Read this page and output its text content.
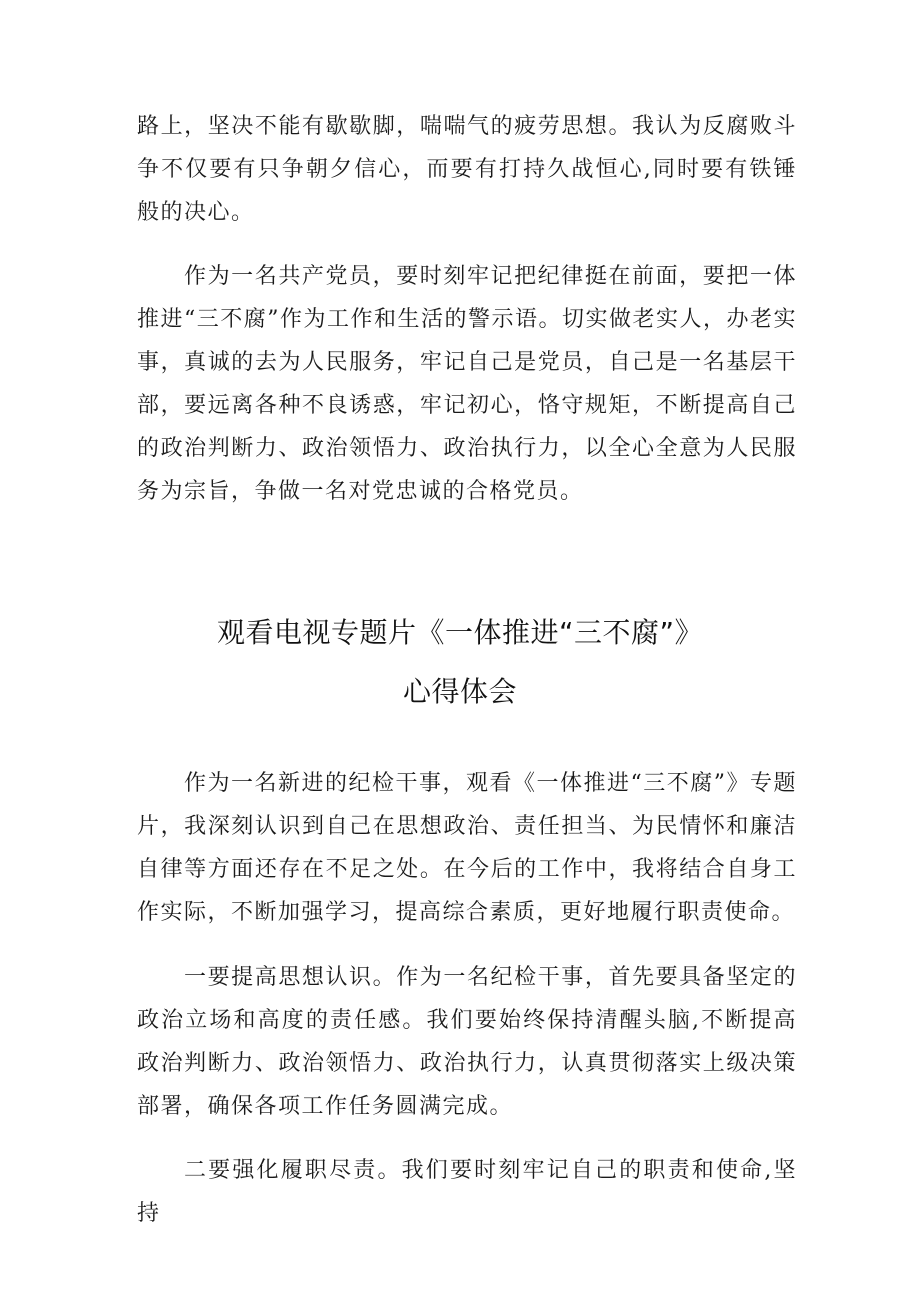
路上，坚决不能有歇歇脚，喘喘气的疲劳思想。我认为反腐败斗争不仅要有只争朝夕信心，而要有打持久战恒心,同时要有铁锤般的决心。

作为一名共产党员，要时刻牢记把纪律挺在前面，要把一体推进“三不腐”作为工作和生活的警示语。切实做老实人，办老实事，真诚的去为人民服务，牢记自己是党员，自己是一名基层干部，要远离各种不良诱惑，牢记初心，恪守规矩，不断提高自己的政治判断力、政治领悟力、政治执行力，以全心全意为人民服务为宗旨，争做一名对党忠诚的合格党员。

观看电视专题片《一体推进“三不腐”》
心得体会

作为一名新进的纪检干事，观看《一体推进“三不腐”》专题片，我深刻认识到自己在思想政治、责任担当、为民情怀和廉洁自律等方面还存在不足之处。在今后的工作中，我将结合自身工作实际，不断加强学习，提高综合素质，更好地履行职责使命。

一要提高思想认识。作为一名纪检干事，首先要具备坚定的政治立场和高度的责任感。我们要始终保持清醒头脑,不断提高政治判断力、政治领悟力、政治执行力，认真贯彻落实上级决策部署，确保各项工作任务圆满完成。

二要强化履职尽责。我们要时刻牢记自己的职责和使命,坚持
